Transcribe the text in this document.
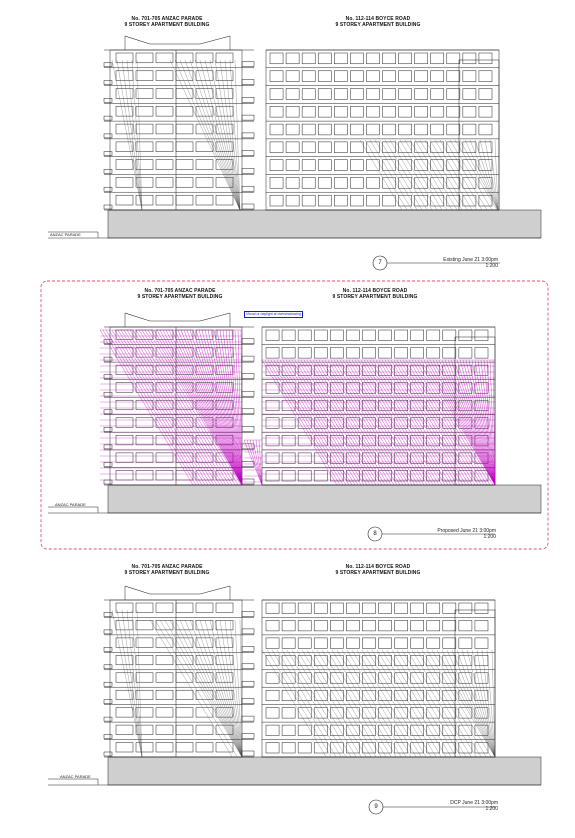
No. 701-705 ANZAC PARADE
9 STOREY APARTMENT BUILDING
No. 112-114 BOYCE ROAD
9 STOREY APARTMENT BUILDING
ANZAC PARADE
7	Existing June 21 3:00pm
1:200
No. 701-705 ANZAC PARADE
9 STOREY APARTMENT BUILDING
No. 112-114 BOYCE ROAD
9 STOREY APARTMENT BUILDING
Visual or daylight at overshadowing
ANZAC PARADE
8	Proposed June 21 3:00pm
1:200
No. 701-705 ANZAC PARADE
9 STOREY APARTMENT BUILDING
No. 112-114 BOYCE ROAD
9 STOREY APARTMENT BUILDING
ANZAC PARADE
9
DCP June 21 3:00pm
1:200
